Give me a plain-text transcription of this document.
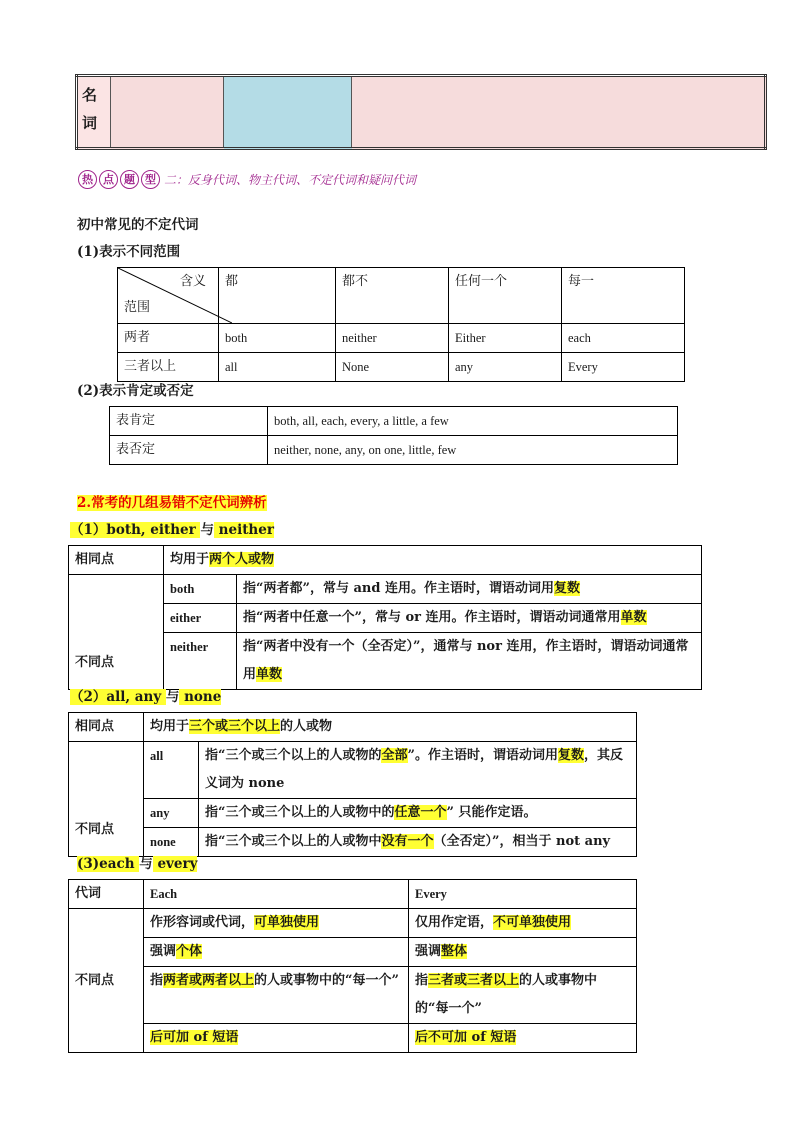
名词			
热 点 题 型 二：反身代词、物主代词、不定代词和疑问代词
初中常见的不定代词
(1)表示不同范围
含义
范围	都	都不	任何一个	每一
两者	both	neither	Either	each
三者以上	all	None	any	Every
(2)表示肯定或否定
表肯定	both, all, each, every, a little, a few
表否定	neither, none, any, on one, little, few
2.常考的几组易错不定代词辨析
（1）both, either 与 neither
相同点	均用于两个人或物	
不同点	both	指“两者都”，常与 and 连用。作主语时，谓语动词用复数
	either	指“两者中任意一个”，常与 or 连用。作主语时，谓语动词通常用单数
	neither	指“两者中没有一个（全否定）”，通常与 nor 连用，作主语时，谓语动词通常用单数
（2）all, any 与 none
相同点	均用于三个或三个以上的人或物	
不同点	all	指“三个或三个以上的人或物的全部”。作主语时，谓语动词用复数，其反义词为 none
	any	指“三个或三个以上的人或物中的任意一个” 只能作定语。
	none	指“三个或三个以上的人或物中没有一个（全否定）”，相当于 not any
(3)each 与 every
代词	Each	Every
不同点	作形容词或代词，可单独使用	仅用作定语，不可单独使用
	强调个体	强调整体
	指两者或两者以上的人或事物中的“每一个”	指三者或三者以上的人或事物中的“每一个”
	后可加 of 短语	后不可加 of 短语
